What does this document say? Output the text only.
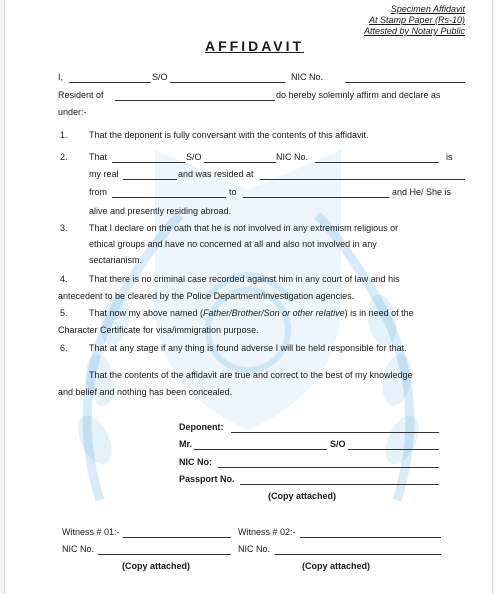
Specimen Affidavit
At Stamp Paper (Rs-10)
Attested by Notary Public
AFFIDAVIT
I,	S/O	NIC No.
Resident of	do hereby solemnly affirm and declare as
under:-
1. That the deponent is fully conversant with the contents of this affidavit.
2. That	S/O	NIC No.	is
my real	and was resided at
from	to	and He/ She is
alive and presently residing abroad.
3. That I declare on the oath that he is not involved in any extremism religious or
ethical groups and have no concerned at all and also not involved in any
sectarianism.
4. That there is no criminal case recorded against him in any court of law and his
antecedent to be cleared by the Police Department/investigation agencies.
5. That now my above named (Father/Brother/Son or other relative) is in need of the
Character Certificate for visa/immigration purpose.
6. That at any stage if any thing is found adverse I will be held responsible for that.
That the contents of the affidavit are true and correct to the best of my knowledge
and belief and nothing has been concealed.
Deponent:
Mr.	S/O
NIC No:
Passport No.
(Copy attached)
Witness # 01:-	Witness # 02:-
NIC No.	NIC No.
(Copy attached)	(Copy attached)
